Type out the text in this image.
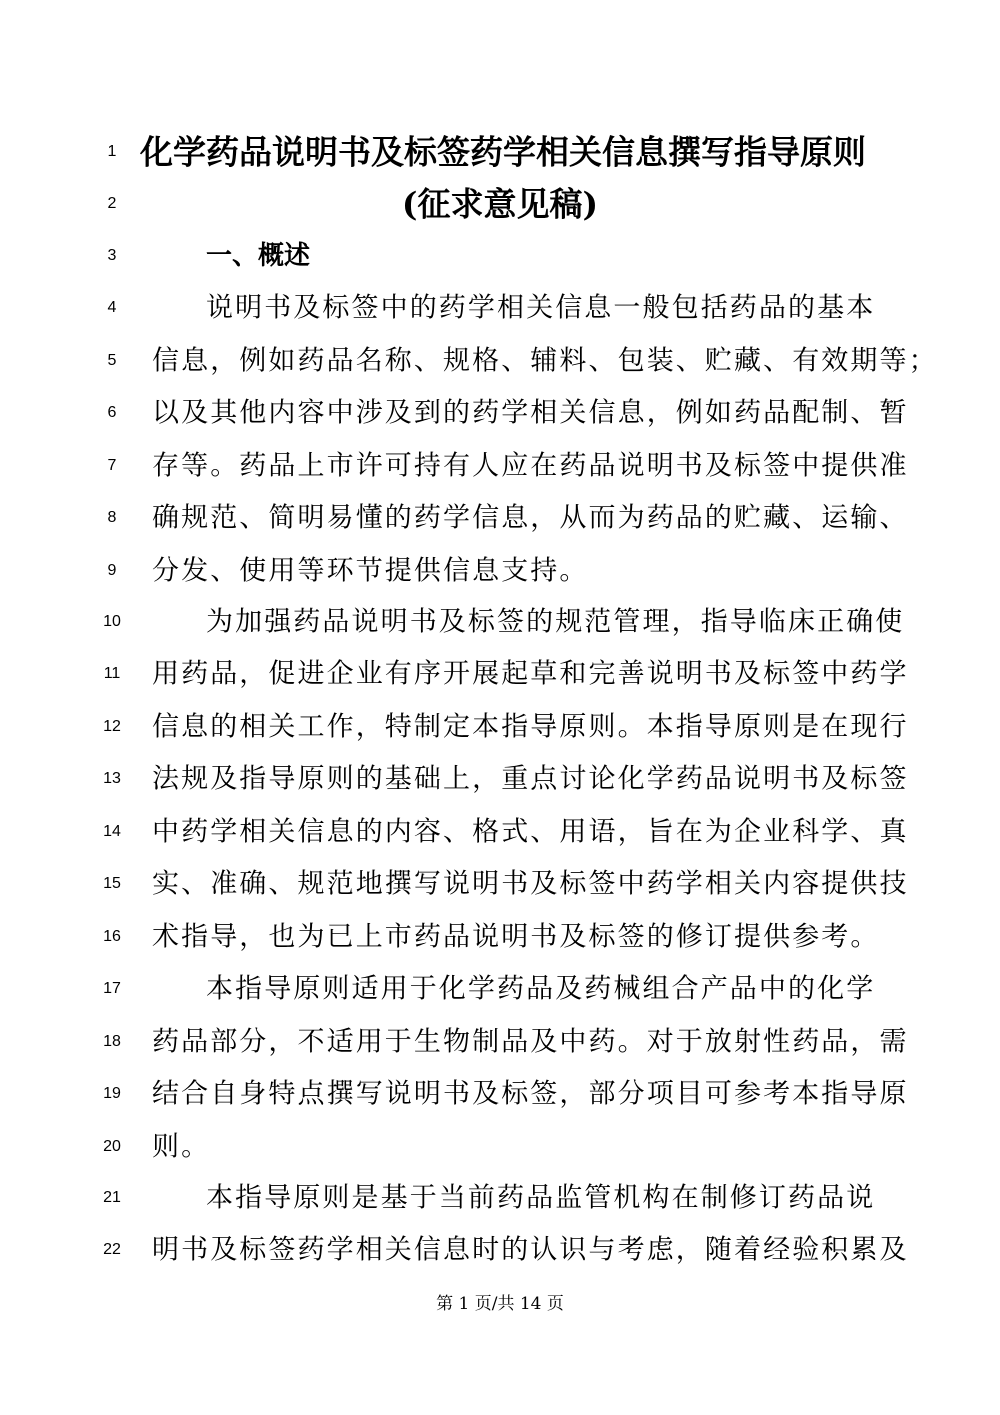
1 化学药品说明书及标签药学相关信息撰写指导原则
2	(征求意见稿)
3	一、概述
4	说明书及标签中的药学相关信息一般包括药品的基本
5	信息，例如药品名称、规格、辅料、包装、贮藏、有效期等；
6	以及其他内容中涉及到的药学相关信息，例如药品配制、暂
7	存等。药品上市许可持有人应在药品说明书及标签中提供准
8	确规范、简明易懂的药学信息，从而为药品的贮藏、运输、
9	分发、使用等环节提供信息支持。
10	为加强药品说明书及标签的规范管理，指导临床正确使
11	用药品，促进企业有序开展起草和完善说明书及标签中药学
12	信息的相关工作，特制定本指导原则。本指导原则是在现行
13	法规及指导原则的基础上，重点讨论化学药品说明书及标签
14	中药学相关信息的内容、格式、用语，旨在为企业科学、真
15	实、准确、规范地撰写说明书及标签中药学相关内容提供技
16	术指导，也为已上市药品说明书及标签的修订提供参考。
17	本指导原则适用于化学药品及药械组合产品中的化学
18	药品部分，不适用于生物制品及中药。对于放射性药品，需
19	结合自身特点撰写说明书及标签，部分项目可参考本指导原
20	则。
21	本指导原则是基于当前药品监管机构在制修订药品说
22	明书及标签药学相关信息时的认识与考虑，随着经验积累及
第 1 页/共 14 页
